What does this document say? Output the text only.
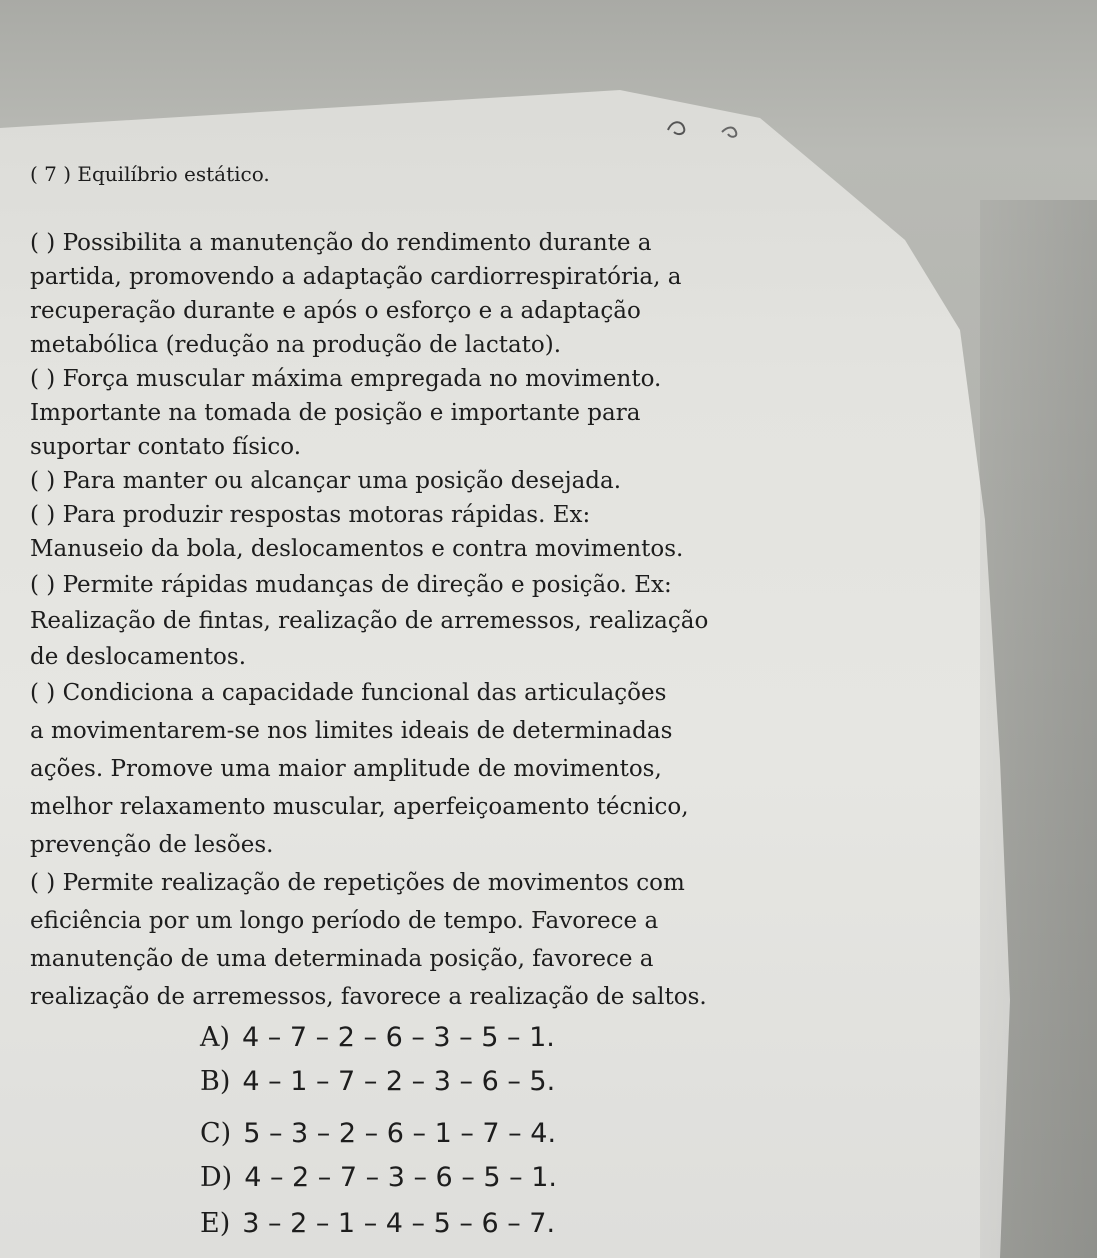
( 7 ) Equilíbrio estático.
( ) Possibilita a manutenção do rendimento durante a
partida, promovendo a adaptação cardiorrespiratória, a
recuperação durante e após o esforço e a adaptação
metabólica (redução na produção de lactato).
( ) Força muscular máxima empregada no movimento.
Importante na tomada de posição e importante para
suportar contato físico.
( ) Para manter ou alcançar uma posição desejada.
( ) Para produzir respostas motoras rápidas. Ex:
Manuseio da bola, deslocamentos e contra movimentos.
( ) Permite rápidas mudanças de direção e posição. Ex:
Realização de fintas, realização de arremessos, realização
de deslocamentos.
( ) Condiciona a capacidade funcional das articulações
a movimentarem-se nos limites ideais de determinadas
ações. Promove uma maior amplitude de movimentos,
melhor relaxamento muscular, aperfeiçoamento técnico,
prevenção de lesões.
( ) Permite realização de repetições de movimentos com
eficiência por um longo período de tempo. Favorece a
manutenção de uma determinada posição, favorece a
realização de arremessos, favorece a realização de saltos.
A) 4 – 7 – 2 – 6 – 3 – 5 – 1.
B) 4 – 1 – 7 – 2 – 3 – 6 – 5.
C) 5 – 3 – 2 – 6 – 1 – 7 – 4.
D) 4 – 2 – 7 – 3 – 6 – 5 – 1.
E) 3 – 2 – 1 – 4 – 5 – 6 – 7.
